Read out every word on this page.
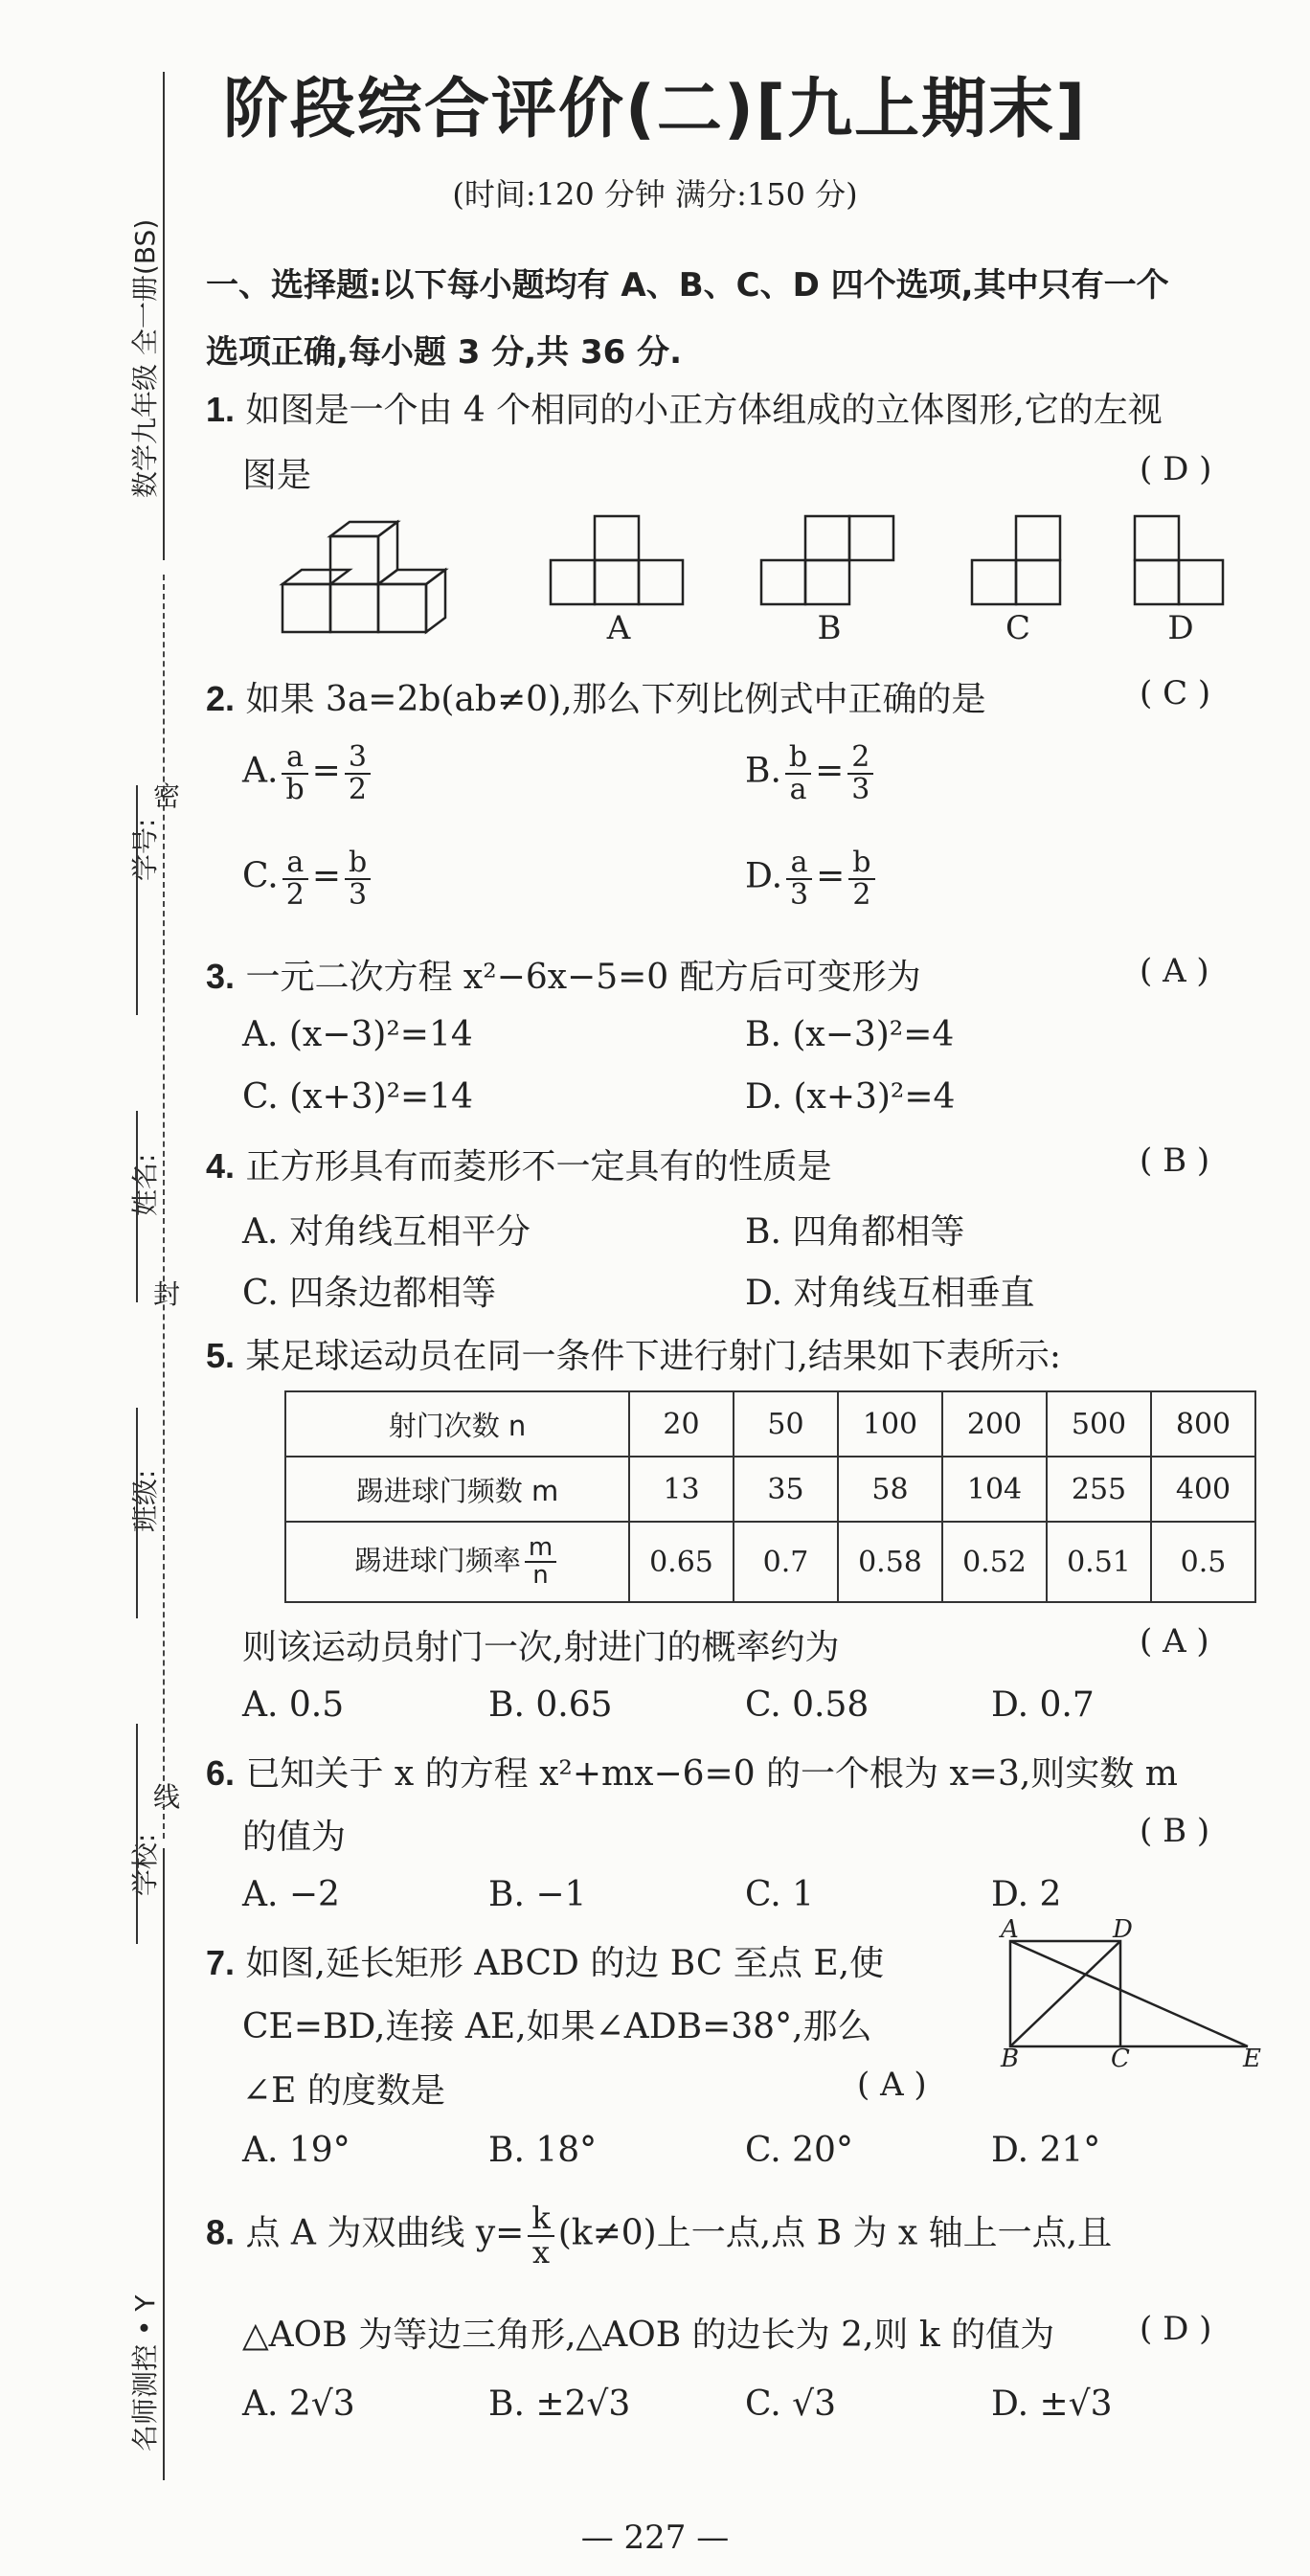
阶段综合评价(二)[九上期末]
(时间:120 分钟 满分:150 分)
数学九年级 全一册(BS)
学号:
姓名:
班级:
学校:
名师测控 • Y
密
封
线
一、选择题:以下每小题均有 A、B、C、D 四个选项,其中只有一个
选项正确,每小题 3 分,共 36 分.
1. 如图是一个由 4 个相同的小正方体组成的立体图形,它的左视
图是	( D )
A	B	C	D
2. 如果 3a=2b(ab≠0),那么下列比例式中正确的是	( C )
A. $\frac{a}{b} = \frac{3}{2}$	B. $\frac{b}{a} = \frac{2}{3}$
C. $\frac{a}{2} = \frac{b}{3}$	D. $\frac{a}{3} = \frac{b}{2}$
3. 一元二次方程 x²−6x−5=0 配方后可变形为	( A )
A. (x−3)²=14	B. (x−3)²=4
C. (x+3)²=14	D. (x+3)²=4
4. 正方形具有而菱形不一定具有的性质是	( B )
A. 对角线互相平分	B. 四角都相等
C. 四条边都相等	D. 对角线互相垂直
5. 某足球运动员在同一条件下进行射门,结果如下表所示:
射门次数 n	20	50	100	200	500	800
踢进球门频数 m	13	35	58	104	255	400
踢进球门频率 $\frac{m}{n}$	0.65	0.7	0.58	0.52	0.51	0.5
则该运动员射门一次,射进门的概率约为	( A )
A. 0.5	B. 0.65	C. 0.58	D. 0.7
6. 已知关于 x 的方程 x²+mx−6=0 的一个根为 x=3,则实数 m
的值为	( B )
A. −2	B. −1	C. 1	D. 2
7. 如图,延长矩形 ABCD 的边 BC 至点 E,使
CE=BD,连接 AE,如果∠ADB=38°,那么
∠E 的度数是	( A )
A	D
B	C	E
A. 19°	B. 18°	C. 20°	D. 21°
8. 点 A 为双曲线 $y= \frac{k}{x} (k\ne 0)$上一点,点 B 为 x 轴上一点,且
△AOB 为等边三角形,△AOB 的边长为 2,则 k 的值为	( D )
A. 2√3	B. ±2√3	C. √3	D. ±√3
— 227 —
